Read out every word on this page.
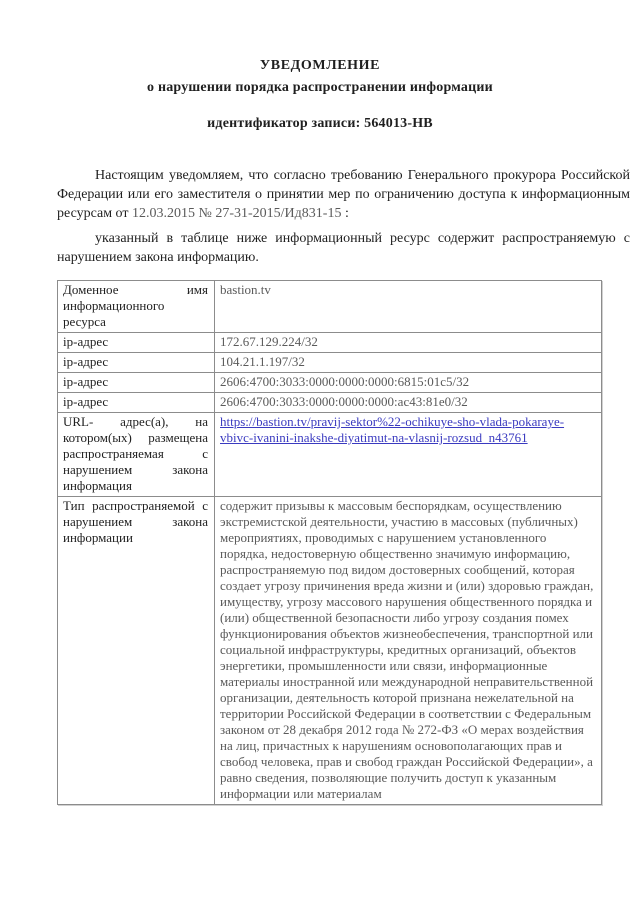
УВЕДОМЛЕНИЕ
о нарушении порядка распространении информации
идентификатор записи: 564013-НВ

Настоящим уведомляем, что согласно требованию Генерального прокурора Российской Федерации или его заместителя о принятии мер по ограничению доступа к информационным ресурсам от 12.03.2015 № 27-31-2015/Ид831-15 :

указанный в таблице ниже информационный ресурс содержит распространяемую с нарушением закона информацию.

Доменное имя информационного ресурса	bastion.tv
ip-адрес	172.67.129.224/32
ip-адрес	104.21.1.197/32
ip-адрес	2606:4700:3033:0000:0000:0000:6815:01c5/32
ip-адрес	2606:4700:3033:0000:0000:0000:ac43:81e0/32
URL- адрес(а), на котором(ых) размещена распространяемая с нарушением закона информация	https://bastion.tv/pravij-sektor%22-ochikuye-sho-vlada-pokaraye-vbivc-ivanini-inakshe-diyatimut-na-vlasnij-rozsud_n43761
Тип распространяемой с нарушением закона информации	содержит призывы к массовым беспорядкам, осуществлению экстремистской деятельности, участию в массовых (публичных) мероприятиях, проводимых с нарушением установленного порядка, недостоверную общественно значимую информацию, распространяемую под видом достоверных сообщений, которая создает угрозу причинения вреда жизни и (или) здоровью граждан, имуществу, угрозу массового нарушения общественного порядка и (или) общественной безопасности либо угрозу создания помех функционирования объектов жизнеобеспечения, транспортной или социальной инфраструктуры, кредитных организаций, объектов энергетики, промышленности или связи, информационные материалы иностранной или международной неправительственной организации, деятельность которой признана нежелательной на территории Российской Федерации в соответствии с Федеральным законом от 28 декабря 2012 года № 272-ФЗ «О мерах воздействия на лиц, причастных к нарушениям основополагающих прав и свобод человека, прав и свобод граждан Российской Федерации», а равно сведения, позволяющие получить доступ к указанным информации или материалам
